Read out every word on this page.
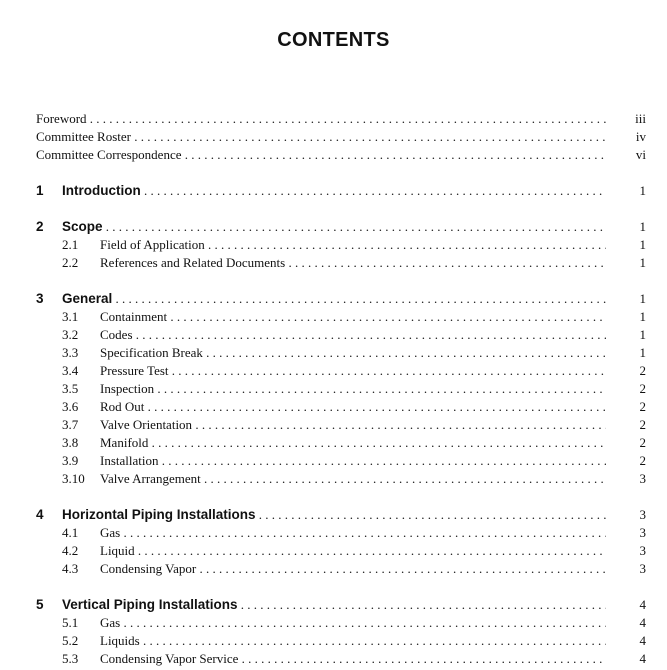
CONTENTS
Foreword . . .	iii
Committee Roster . . .	iv
Committee Correspondence . . .	vi
1 Introduction . . .	1
2 Scope . . .	1
2.1 Field of Application . . .	1
2.2 References and Related Documents . . .	1
3 General . . .	1
3.1 Containment . . .	1
3.2 Codes . . .	1
3.3 Specification Break . . .	1
3.4 Pressure Test . . .	2
3.5 Inspection . . .	2
3.6 Rod Out . . .	2
3.7 Valve Orientation . . .	2
3.8 Manifold . . .	2
3.9 Installation . . .	2
3.10 Valve Arrangement . . .	3
4 Horizontal Piping Installations . . .	3
4.1 Gas . . .	3
4.2 Liquid . . .	3
4.3 Condensing Vapor . . .	3
5 Vertical Piping Installations . . .	4
5.1 Gas . . .	4
5.2 Liquids . . .	4
5.3 Condensing Vapor Service . . .	4
